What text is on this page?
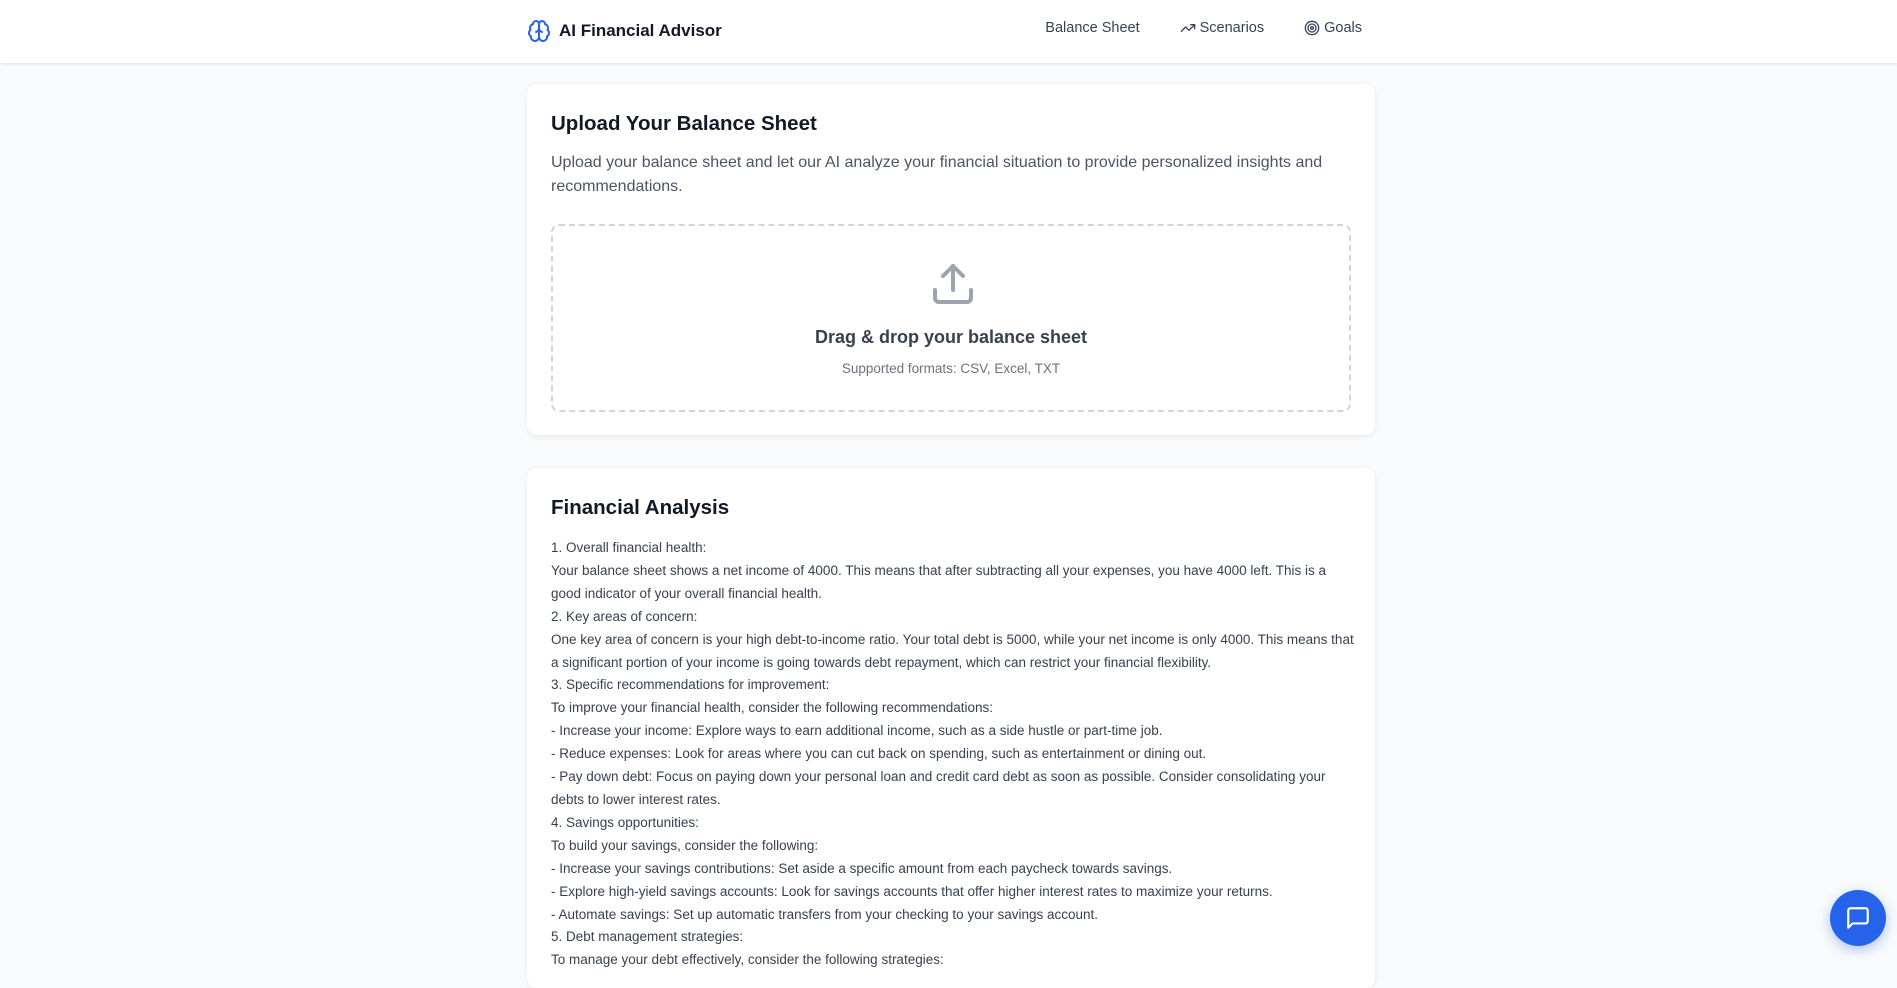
AI Financial Advisor	Balance Sheet	Scenarios	Goals
Upload Your Balance Sheet

Upload your balance sheet and let our AI analyze your financial situation to provide personalized insights and recommendations.

Drag & drop your balance sheet
Supported formats: CSV, Excel, TXT
Financial Analysis

1. Overall financial health:

Your balance sheet shows a net income of 4000. This means that after subtracting all your expenses, you have 4000 left. This is a good indicator of your overall financial health.

2. Key areas of concern:

One key area of concern is your high debt-to-income ratio. Your total debt is 5000, while your net income is only 4000. This means that a significant portion of your income is going towards debt repayment, which can restrict your financial flexibility.

3. Specific recommendations for improvement:

To improve your financial health, consider the following recommendations:

- Increase your income: Explore ways to earn additional income, such as a side hustle or part-time job.

- Reduce expenses: Look for areas where you can cut back on spending, such as entertainment or dining out.

- Pay down debt: Focus on paying down your personal loan and credit card debt as soon as possible. Consider consolidating your debts to lower interest rates.

4. Savings opportunities:

To build your savings, consider the following:

- Increase your savings contributions: Set aside a specific amount from each paycheck towards savings.

- Explore high-yield savings accounts: Look for savings accounts that offer higher interest rates to maximize your returns.

- Automate savings: Set up automatic transfers from your checking to your savings account.

5. Debt management strategies:

To manage your debt effectively, consider the following strategies:
